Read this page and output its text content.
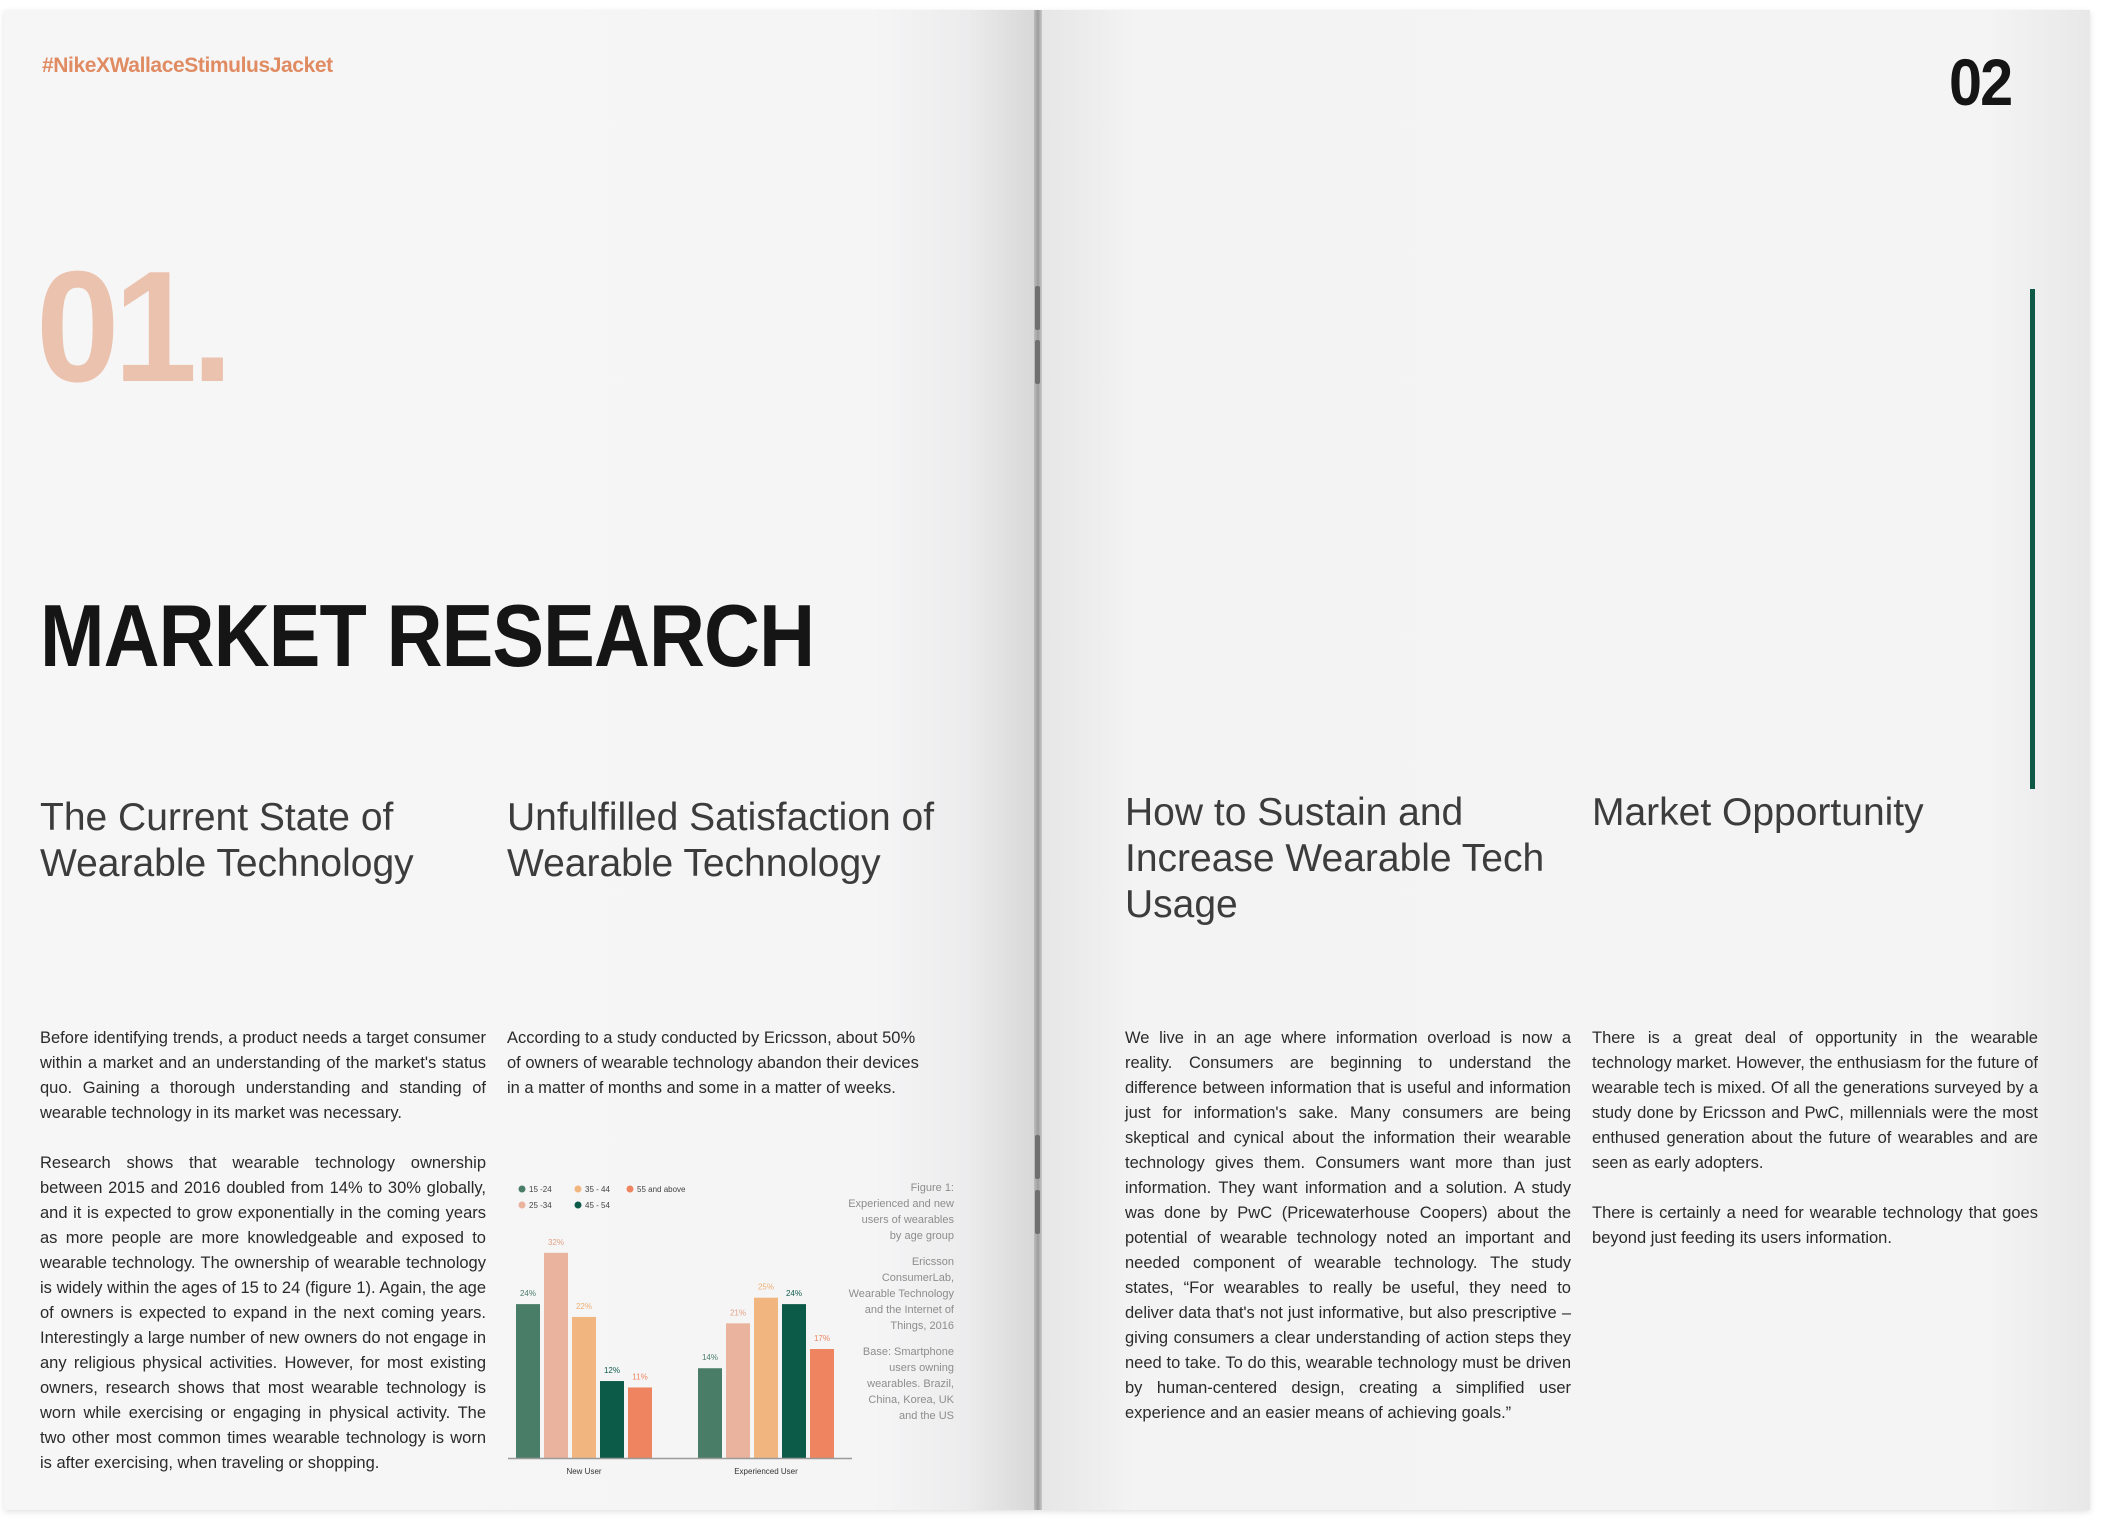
#NikeXWallaceStimulusJacket	02
01.
MARKET RESEARCH
The Current State of Wearable Technology
Unfulfilled Satisfaction of Wearable Technology
How to Sustain and Increase Wearable Tech Usage
Market Opportunity

Before identifying trends, a product needs a target consumer within a market and an understanding of the market's status quo. Gaining a thorough understanding and standing of wearable technology in its market was necessary.

Research shows that wearable technology ownership between 2015 and 2016 doubled from 14% to 30% globally, and it is expected to grow exponentially in the coming years as more people are more knowledgeable and exposed to wearable technology. The ownership of wearable technology is widely within the ages of 15 to 24 (figure 1). Again, the age of owners is expected to expand in the next coming years. Interestingly a large number of new owners do not engage in any religious physical activities. However, for most existing owners, research shows that most wearable technology is worn while exercising or engaging in physical activity. The two other most common times wearable technology is worn is after exercising, when traveling or shopping.

According to a study conducted by Ericsson, about 50% of owners of wearable technology abandon their devices in a matter of months and some in a matter of weeks.

We live in an age where information overload is now a reality. Consumers are beginning to understand the difference between information that is useful and information just for information's sake. Many consumers are being skeptical and cynical about the information their wearable technology gives them. Consumers want more than just information. They want information and a solution. A study was done by PwC (Pricewaterhouse Coopers) about the potential of wearable technology noted an important and needed component of wearable technology. The study states, “For wearables to really be useful, they need to deliver data that's not just informative, but also prescriptive – giving consumers a clear understanding of action steps they need to take. To do this, wearable technology must be driven by human-centered design, creating a simplified user experience and an easier means of achieving goals.”

There is a great deal of opportunity in the wearable technology market. However, the enthusiasm for the future of wearable tech is mixed. Of all the generations surveyed by a study done by Ericsson and PwC, millennials were the most enthused generation about the future of wearables and are seen as early adopters.

There is certainly a need for wearable technology that goes beyond just feeding its users information.

15 -24
25 -34
35 - 44
45 - 54
55 and above
24%
32%
22%
12%
11%
New User
14%
21%
25%
24%
17%
Experienced User

Figure 1: Experienced and new users of wearables by age group

Ericsson ConsumerLab, Wearable Technology and the Internet of Things, 2016

Base: Smartphone users owning wearables. Brazil, China, Korea, UK and the US
